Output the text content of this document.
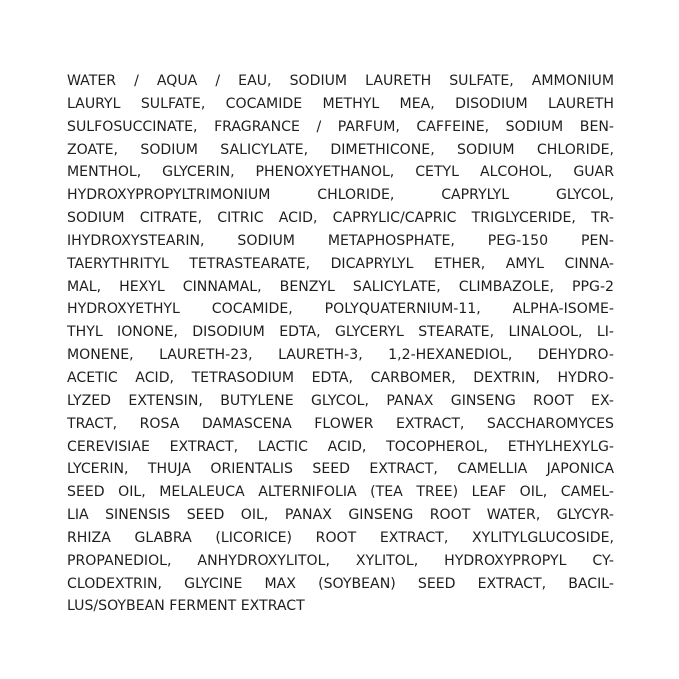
WATER / AQUA / EAU, SODIUM LAURETH SULFATE, AMMONIUM
LAURYL SULFATE, COCAMIDE METHYL MEA, DISODIUM LAURETH
SULFOSUCCINATE, FRAGRANCE / PARFUM, CAFFEINE, SODIUM BEN-
ZOATE, SODIUM SALICYLATE, DIMETHICONE, SODIUM CHLORIDE,
MENTHOL, GLYCERIN, PHENOXYETHANOL, CETYL ALCOHOL, GUAR
HYDROXYPROPYLTRIMONIUM CHLORIDE, CAPRYLYL GLYCOL,
SODIUM CITRATE, CITRIC ACID, CAPRYLIC/CAPRIC TRIGLYCERIDE, TR-
IHYDROXYSTEARIN, SODIUM METAPHOSPHATE, PEG-150 PEN-
TAERYTHRITYL TETRASTEARATE, DICAPRYLYL ETHER, AMYL CINNA-
MAL, HEXYL CINNAMAL, BENZYL SALICYLATE, CLIMBAZOLE, PPG-2
HYDROXYETHYL COCAMIDE, POLYQUATERNIUM-11, ALPHA-ISOME-
THYL IONONE, DISODIUM EDTA, GLYCERYL STEARATE, LINALOOL, LI-
MONENE, LAURETH-23, LAURETH-3, 1,2-HEXANEDIOL, DEHYDRO-
ACETIC ACID, TETRASODIUM EDTA, CARBOMER, DEXTRIN, HYDRO-
LYZED EXTENSIN, BUTYLENE GLYCOL, PANAX GINSENG ROOT EX-
TRACT, ROSA DAMASCENA FLOWER EXTRACT, SACCHAROMYCES
CEREVISIAE EXTRACT, LACTIC ACID, TOCOPHEROL, ETHYLHEXYLG-
LYCERIN, THUJA ORIENTALIS SEED EXTRACT, CAMELLIA JAPONICA
SEED OIL, MELALEUCA ALTERNIFOLIA (TEA TREE) LEAF OIL, CAMEL-
LIA SINENSIS SEED OIL, PANAX GINSENG ROOT WATER, GLYCYR-
RHIZA GLABRA (LICORICE) ROOT EXTRACT, XYLITYLGLUCOSIDE,
PROPANEDIOL, ANHYDROXYLITOL, XYLITOL, HYDROXYPROPYL CY-
CLODEXTRIN, GLYCINE MAX (SOYBEAN) SEED EXTRACT, BACIL-
LUS/SOYBEAN FERMENT EXTRACT
